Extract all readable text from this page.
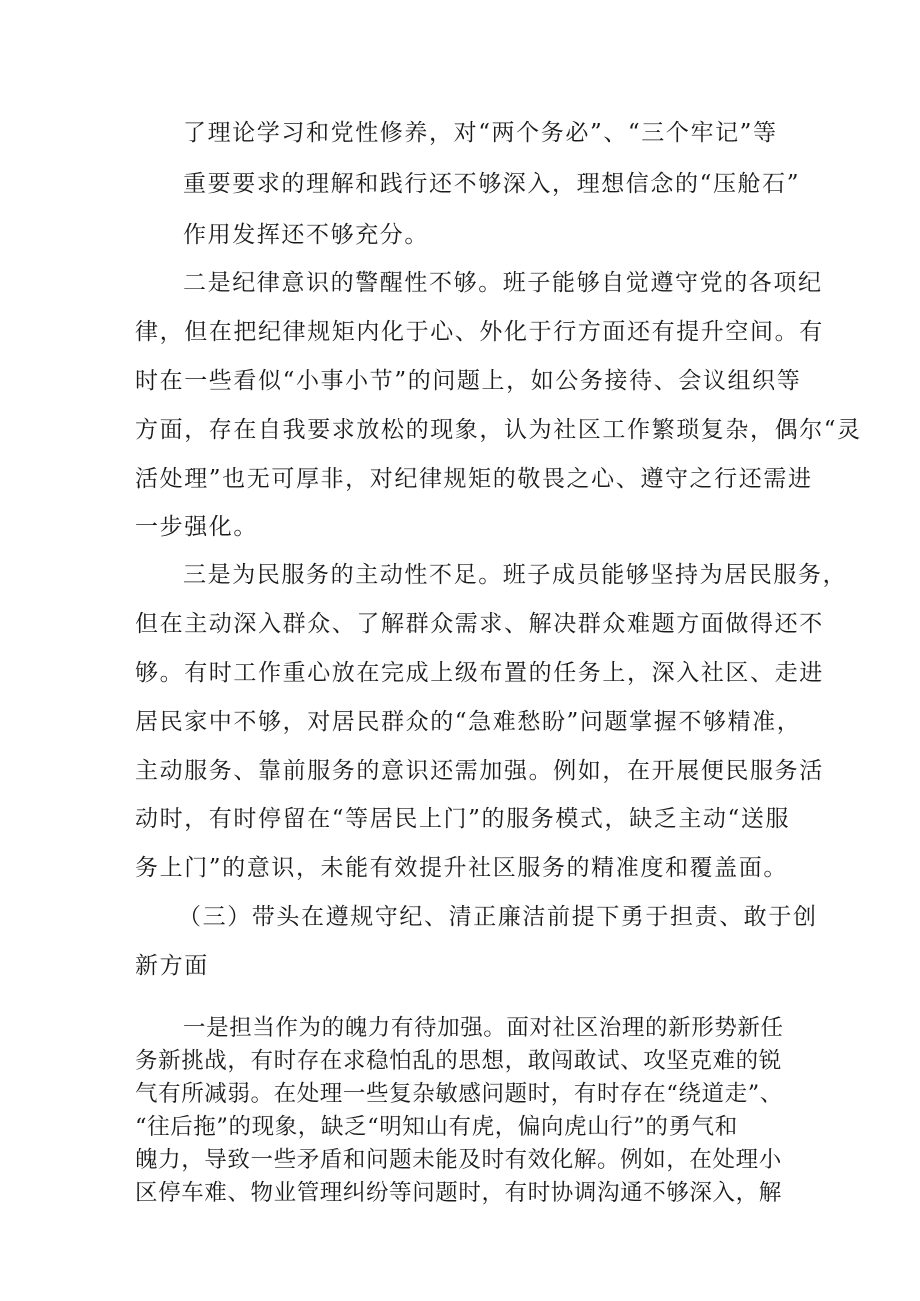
了理论学习和党性修养，对“两个务必”、“三个牢记”等
重要要求的理解和践行还不够深入，理想信念的“压舱石”
作用发挥还不够充分。
二是纪律意识的警醒性不够。班子能够自觉遵守党的各项纪
律，但在把纪律规矩内化于心、外化于行方面还有提升空间。有
时在一些看似“小事小节”的问题上，如公务接待、会议组织等
方面，存在自我要求放松的现象，认为社区工作繁琐复杂，偶尔“灵
活处理”也无可厚非，对纪律规矩的敬畏之心、遵守之行还需进
一步强化。
三是为民服务的主动性不足。班子成员能够坚持为居民服务，
但在主动深入群众、了解群众需求、解决群众难题方面做得还不
够。有时工作重心放在完成上级布置的任务上，深入社区、走进
居民家中不够，对居民群众的“急难愁盼”问题掌握不够精准，
主动服务、靠前服务的意识还需加强。例如，在开展便民服务活
动时，有时停留在“等居民上门”的服务模式，缺乏主动“送服
务上门”的意识，未能有效提升社区服务的精准度和覆盖面。
（三）带头在遵规守纪、清正廉洁前提下勇于担责、敢于创
新方面
一是担当作为的魄力有待加强。面对社区治理的新形势新任
务新挑战，有时存在求稳怕乱的思想，敢闯敢试、攻坚克难的锐
气有所减弱。在处理一些复杂敏感问题时，有时存在“绕道走”、
“往后拖”的现象，缺乏“明知山有虎，偏向虎山行”的勇气和
魄力，导致一些矛盾和问题未能及时有效化解。例如，在处理小
区停车难、物业管理纠纷等问题时，有时协调沟通不够深入，解
